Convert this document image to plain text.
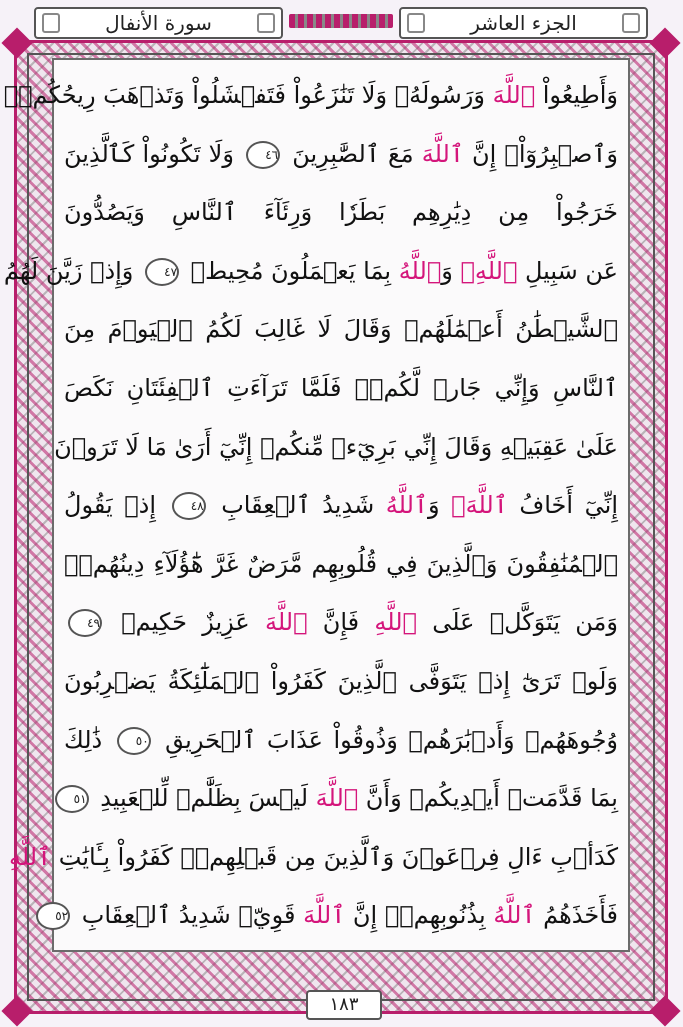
سورة الأنفال	الجزء العاشر
وَأَطِيعُواْ ٱللَّهَ وَرَسُولَهُۥ وَلَا تَنَٰزَعُواْ فَتَفۡشَلُواْ وَتَذۡهَبَ رِيحُكُمۡۖ
وَٱصۡبِرُوٓاْۚ إِنَّ ٱللَّهَ مَعَ ٱلصَّٰبِرِينَ ٤٦ وَلَا تَكُونُواْ كَٱلَّذِينَ
خَرَجُواْ مِن دِيَٰرِهِم بَطَرٗا وَرِئَآءَ ٱلنَّاسِ وَيَصُدُّونَ
عَن سَبِيلِ ٱللَّهِۚ وَٱللَّهُ بِمَا يَعۡمَلُونَ مُحِيطٞ ٤٧ وَإِذۡ زَيَّنَ لَهُمُ
ٱلشَّيۡطَٰنُ أَعۡمَٰلَهُمۡ وَقَالَ لَا غَالِبَ لَكُمُ ٱلۡيَوۡمَ مِنَ
ٱلنَّاسِ وَإِنِّي جَارٞ لَّكُمۡۖ فَلَمَّا تَرَآءَتِ ٱلۡفِئَتَانِ نَكَصَ
عَلَىٰ عَقِبَيۡهِ وَقَالَ إِنِّي بَرِيٓءٞ مِّنكُمۡ إِنِّيٓ أَرَىٰ مَا لَا تَرَوۡنَ
إِنِّيٓ أَخَافُ ٱللَّهَۚ وَٱللَّهُ شَدِيدُ ٱلۡعِقَابِ ٤٨ إِذۡ يَقُولُ
ٱلۡمُنَٰفِقُونَ وَٱلَّذِينَ فِي قُلُوبِهِم مَّرَضٌ غَرَّ هَٰٓؤُلَآءِ دِينُهُمۡۗ
وَمَن يَتَوَكَّلۡ عَلَى ٱللَّهِ فَإِنَّ ٱللَّهَ عَزِيزٌ حَكِيمٞ ٤٩
وَلَوۡ تَرَىٰٓ إِذۡ يَتَوَفَّى ٱلَّذِينَ كَفَرُواْ ٱلۡمَلَٰٓئِكَةُ يَضۡرِبُونَ
وُجُوهَهُمۡ وَأَدۡبَٰرَهُمۡ وَذُوقُواْ عَذَابَ ٱلۡحَرِيقِ ٥٠ ذَٰلِكَ
بِمَا قَدَّمَتۡ أَيۡدِيكُمۡ وَأَنَّ ٱللَّهَ لَيۡسَ بِظَلَّٰمٖ لِّلۡعَبِيدِ ٥١
كَدَأۡبِ ءَالِ فِرۡعَوۡنَ وَٱلَّذِينَ مِن قَبۡلِهِمۡۚ كَفَرُواْ بِـَٔايَٰتِ ٱللَّهِ
فَأَخَذَهُمُ ٱللَّهُ بِذُنُوبِهِمۡۚ إِنَّ ٱللَّهَ قَوِيّٞ شَدِيدُ ٱلۡعِقَابِ ٥٢
١٨٣
